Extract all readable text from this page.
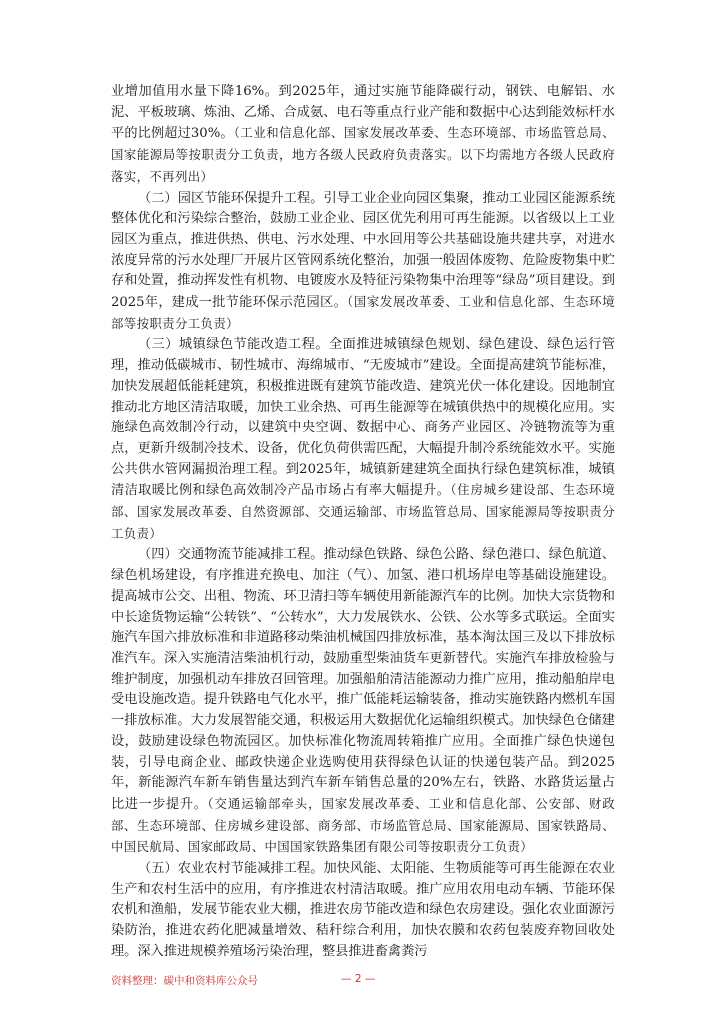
业增加值用水量下降16%。到2025年，通过实施节能降碳行动，钢铁、电解铝、水泥、平板玻璃、炼油、乙烯、合成氨、电石等重点行业产能和数据中心达到能效标杆水平的比例超过30%。（工业和信息化部、国家发展改革委、生态环境部、市场监管总局、国家能源局等按职责分工负责，地方各级人民政府负责落实。以下均需地方各级人民政府落实，不再列出）

（二）园区节能环保提升工程。引导工业企业向园区集聚，推动工业园区能源系统整体优化和污染综合整治，鼓励工业企业、园区优先利用可再生能源。以省级以上工业园区为重点，推进供热、供电、污水处理、中水回用等公共基础设施共建共享，对进水浓度异常的污水处理厂开展片区管网系统化整治，加强一般固体废物、危险废物集中贮存和处置，推动挥发性有机物、电镀废水及特征污染物集中治理等“绿岛”项目建设。到2025年，建成一批节能环保示范园区。（国家发展改革委、工业和信息化部、生态环境部等按职责分工负责）

（三）城镇绿色节能改造工程。全面推进城镇绿色规划、绿色建设、绿色运行管理，推动低碳城市、韧性城市、海绵城市、“无废城市”建设。全面提高建筑节能标准，加快发展超低能耗建筑，积极推进既有建筑节能改造、建筑光伏一体化建设。因地制宜推动北方地区清洁取暖，加快工业余热、可再生能源等在城镇供热中的规模化应用。实施绿色高效制冷行动，以建筑中央空调、数据中心、商务产业园区、冷链物流等为重点，更新升级制冷技术、设备，优化负荷供需匹配，大幅提升制冷系统能效水平。实施公共供水管网漏损治理工程。到2025年，城镇新建建筑全面执行绿色建筑标准，城镇清洁取暖比例和绿色高效制冷产品市场占有率大幅提升。（住房城乡建设部、生态环境部、国家发展改革委、自然资源部、交通运输部、市场监管总局、国家能源局等按职责分工负责）

（四）交通物流节能减排工程。推动绿色铁路、绿色公路、绿色港口、绿色航道、绿色机场建设，有序推进充换电、加注（气）、加氢、港口机场岸电等基础设施建设。提高城市公交、出租、物流、环卫清扫等车辆使用新能源汽车的比例。加快大宗货物和中长途货物运输“公转铁”、“公转水”，大力发展铁水、公铁、公水等多式联运。全面实施汽车国六排放标准和非道路移动柴油机械国四排放标准，基本淘汰国三及以下排放标准汽车。深入实施清洁柴油机行动，鼓励重型柴油货车更新替代。实施汽车排放检验与维护制度，加强机动车排放召回管理。加强船舶清洁能源动力推广应用，推动船舶岸电受电设施改造。提升铁路电气化水平，推广低能耗运输装备，推动实施铁路内燃机车国一排放标准。大力发展智能交通，积极运用大数据优化运输组织模式。加快绿色仓储建设，鼓励建设绿色物流园区。加快标准化物流周转箱推广应用。全面推广绿色快递包装，引导电商企业、邮政快递企业选购使用获得绿色认证的快递包装产品。到2025年，新能源汽车新车销售量达到汽车新车销售总量的20%左右，铁路、水路货运量占比进一步提升。（交通运输部牵头，国家发展改革委、工业和信息化部、公安部、财政部、生态环境部、住房城乡建设部、商务部、市场监管总局、国家能源局、国家铁路局、中国民航局、国家邮政局、中国国家铁路集团有限公司等按职责分工负责）

（五）农业农村节能减排工程。加快风能、太阳能、生物质能等可再生能源在农业生产和农村生活中的应用，有序推进农村清洁取暖。推广应用农用电动车辆、节能环保农机和渔船，发展节能农业大棚，推进农房节能改造和绿色农房建设。强化农业面源污染防治，推进农药化肥减量增效、秸秆综合利用，加快农膜和农药包装废弃物回收处理。深入推进规模养殖场污染治理，整县推进畜禽粪污

资料整理：碳中和资料库公众号	— 2 —
